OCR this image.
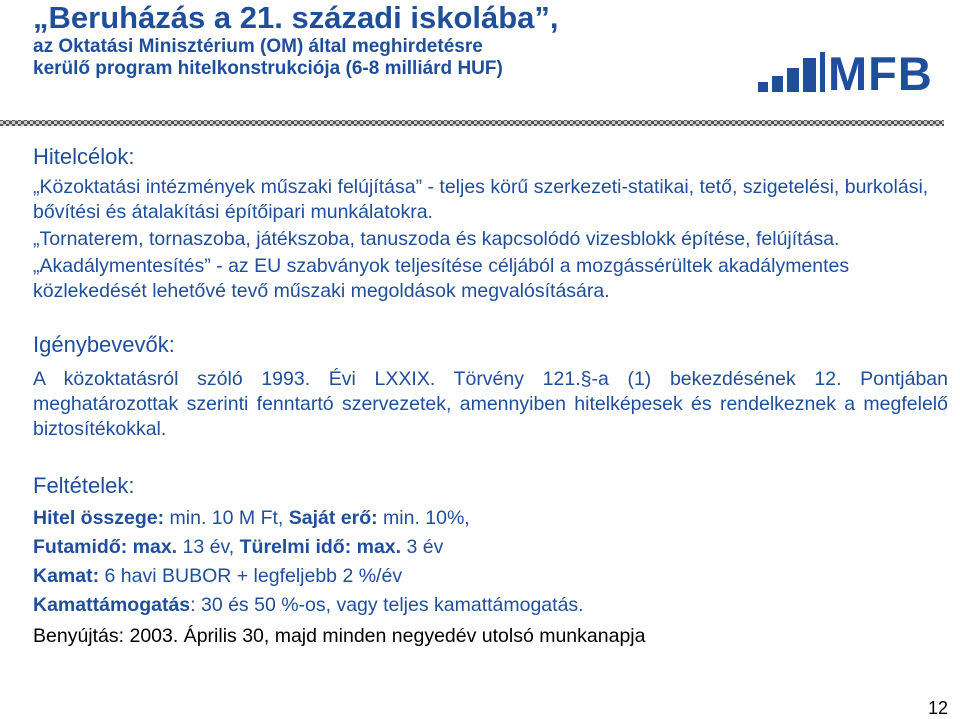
„Beruházás a 21. századi iskolába”,
az Oktatási Minisztérium (OM) által meghirdetésre
kerülő program hitelkonstrukciója (6-8 milliárd HUF)	MFB
Hitelcélok:
„Közoktatási intézmények műszaki felújítása” - teljes körű szerkezeti-statikai, tető, szigetelési, burkolási, bővítési és átalakítási építőipari munkálatokra.
„Tornaterem, tornaszoba, játékszoba, tanuszoda és kapcsolódó vizesblokk építése, felújítása.
„Akadálymentesítés” - az EU szabványok teljesítése céljából a mozgássérültek akadálymentes közlekedését lehetővé tevő műszaki megoldások megvalósítására.
Igénybevevők:
A közoktatásról szóló 1993. Évi LXXIX. Törvény 121.§-a (1) bekezdésének 12. Pontjában meghatározottak szerinti fenntartó szervezetek, amennyiben hitelképesek és rendelkeznek a megfelelő biztosítékokkal.
Feltételek:
Hitel összege: min. 10 M Ft, Saját erő: min. 10%,
Futamidő: max. 13 év, Türelmi idő: max. 3 év
Kamat: 6 havi BUBOR + legfeljebb 2 %/év
Kamattámogatás: 30 és 50 %-os, vagy teljes kamattámogatás.
Benyújtás: 2003. Április 30, majd minden negyedév utolsó munkanapja
12
